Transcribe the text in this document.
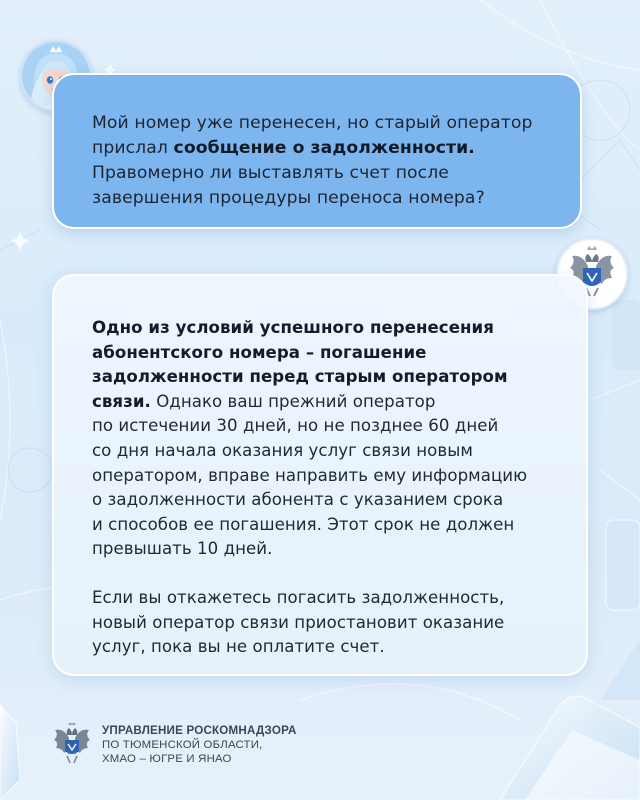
Мой номер уже перенесен, но старый оператор
прислал сообщение о задолженности.
Правомерно ли выставлять счет после
завершения процедуры переноса номера?

Одно из условий успешного перенесения
абонентского номера – погашение
задолженности перед старым оператором
связи. Однако ваш прежний оператор
по истечении 30 дней, но не позднее 60 дней
со дня начала оказания услуг связи новым
оператором, вправе направить ему информацию
о задолженности абонента с указанием срока
и способов ее погашения. Этот срок не должен
превышать 10 дней.

Если вы откажетесь погасить задолженность,
новый оператор связи приостановит оказание
услуг, пока вы не оплатите счет.

УПРАВЛЕНИЕ РОСКОМНАДЗОРА
ПО ТЮМЕНСКОЙ ОБЛАСТИ,
ХМАО – ЮГРЕ И ЯНАО
